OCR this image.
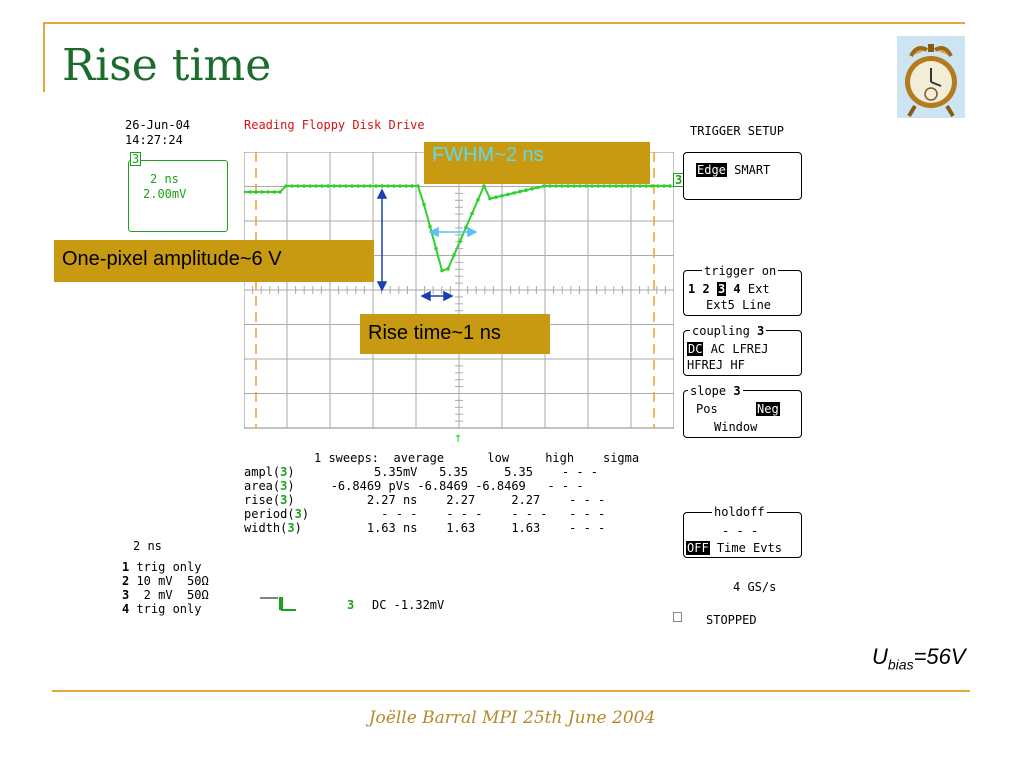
Rise time
26-Jun-04
14:27:24
Reading Floppy Disk Drive
3
2 ns
2.00mV
↑
3
FWHM~2 ns
One-pixel amplitude~6 V
Rise time~1 ns
1 sweeps:  average      low     high    sigma
ampl(3)           5.35mV   5.35     5.35    - - -
area(3)     -6.8469 pVs -6.8469 -6.8469   - - -
rise(3)          2.27 ns    2.27     2.27    - - -
period(3)          - - -    - - -    - - -   - - -
width(3)         1.63 ns    1.63     1.63    - - -
2 ns
1 trig only
2 10 mV  50Ω
3  2 mV  50Ω
4 trig only	3 DC -1.32mV
TRIGGER SETUP
Edge SMART
trigger on
1 2 3 4 Ext
Ext5 Line
coupling 3
DC AC LFREJ
HFREJ HF
slope 3
Pos	Neg
Window
holdoff
- - -
OFF Time Evts
4 GS/s
STOPPED
$U_{bias}=56V$
Joëlle Barral MPI 25th June 2004
